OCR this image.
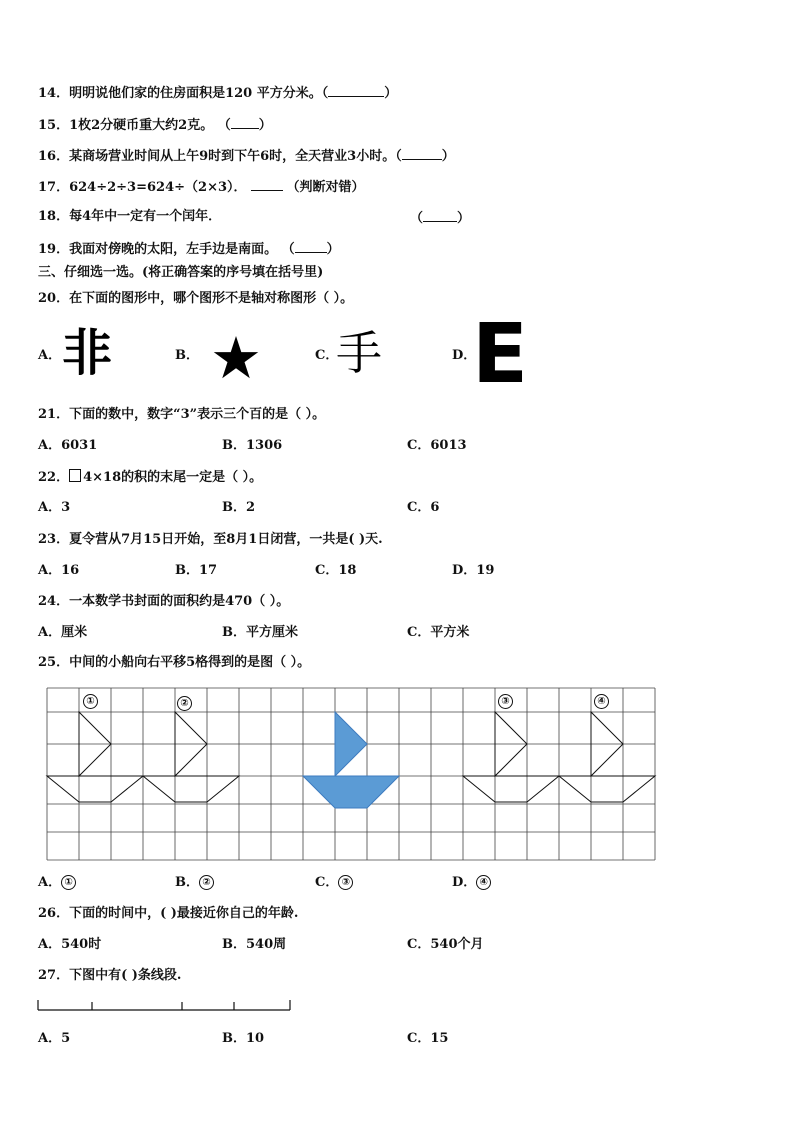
14．明明说他们家的住房面积是120 平方分米。（	）
15．1枚2分硬币重大约2克。 （ ）
16．某商场营业时间从上午9时到下午6时，全天营业3小时。（	）
17．624÷2÷3=624÷（2×3）．	（判断对错）
18．每4年中一定有一个闰年．	（	）
19．我面对傍晚的太阳，左手边是南面。 （ ）
三、仔细选一选。(将正确答案的序号填在括号里)
20．在下面的图形中，哪个图形不是轴对称图形（ ）。
A． 非	B． ★	C．
手	D．
E
21．下面的数中，数字“3”表示三个百的是（ ）。
A．6031	B．1306	C．6013
22． 4×18的积的末尾一定是（ ）。
A．3	B．2	C．6
23．夏令营从7月15日开始，至8月1日闭营，一共是( )天.
A．16	B．17	C．18	D．19
24．一本数学书封面的面积约是470（ ）。
A．厘米	B．平方厘米	C．平方米
25．中间的小船向右平移5格得到的是图（ ）。
①	②	③	④
A． ①	B． ②	C． ③	D． ④
26．下面的时间中，( )最接近你自己的年龄.
A．540时	B．540周	C．540个月
27．下图中有( )条线段.
A．5	B．10	C．15
